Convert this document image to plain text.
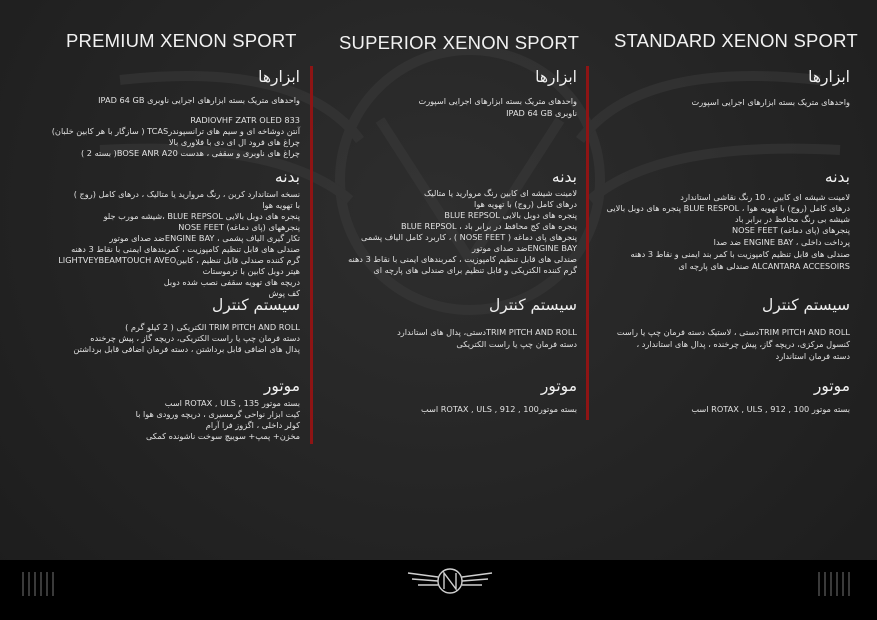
PREMIUM XENON SPORT SUPERIOR XENON SPORT STANDARD XENON SPORT
ابزارها
واحدهای متریک بسته ابزارهای اجرایی ناوبری IPAD 64 GB
RADIOVHF ZATR OLED 833
آنتن دوشاخه ای و سیم های ترانسپوندرTCAS ( سازگار با هر کابین خلبان)
چراغ های فرود ال ای دی با فلاوری بالا
چراغ های ناوبری و سقفی ، هدست BOSE ANR A20( بسته 2 )
بدنه
نسخه استاندارد کربن ، رنگ مرواريد يا متاليک ، درهای کامل (روج )
با تهويه هوا
پنجره های دوبل بالايی BLUE REPSOL ،شیشه مورب جلو
پنجرههای (پای دماغه) NOSE FEET
تکار گیری الیاف پشمی ، ENGINE BAYضد صدای موتور
صندلی های قابل تنظیم کامپوزیت ، کمربندهای ایمنی با نقاط 3 دهنه
گرم کننده صندلی قابل تنظیم ، کابینLIGHTVEYBEAMTOUCH AVEO
هیتر دوبل کابین با ترموستات
دریچه های تهويه سقفی نصب شده دوبل
کف پوش
سیستم کنترل
TRIM PITCH AND ROLL الکتریکی ( 2 کیلو گرم )
دسته فرمان چپ یا راست الکتریکی، دریچه گاز ، پیش چرخنده
پدال های اضافی قابل برداشتن ، دسته فرمان اضافی قابل برداشتن
موتور
بسته موتور ROTAX , ULS , 135 اسب
کیت ابزار نواحی گرمسیری ، دریچه ورودی هوا با
کولر داخلی ، اگزوز فرا آرام
مخزن+ پمپ+ سوییچ سوخت ناشونده کمکی
ابزارها
واحدهای متریک بسته ابزارهای اجرایی اسپورت
ناوبری IPAD 64 GB
بدنه
لامینت شیشه ای کابین رنگ مرواريد يا متاليک
درهای کامل (روج) با تهويه هوا
پنجره های دوبل بالايی BLUE REPSOL
پنجره های کج محافظ در برابر باد ، BLUE REPSOL
پنجرهای پای دماغه ( NOSE FEET ) ، کاربرد کامل الیاف پشمی
ENGINE BAYضد صدای موتور
صندلی های قابل تنظیم کامپوزیت ، کمربندهای ایمنی با نقاط 3 دهنه
گرم کننده الکتریکی و قابل تنظیم برای صندلی های پارچه ای
سیستم کنترل
TRIM PITCH AND ROLLدستی، پدال های استاندارد
دسته فرمان چپ یا راست الکتریکی
موتور
بسته موتورROTAX , ULS , 912 , 100 اسب
ابزارها
واحدهای متریک بسته ابزارهای اجرایی اسپورت
بدنه
لامینت شیشه ای کابین ، 10 رنگ نقاشی استاندارد
درهای کامل (روج) با تهويه هوا ، BLUE RESPOL پنجره های دوبل بالايی
شیشه بی رنگ محافظ در برابر باد
پنجرهای (پای دماغه) NOSE FEET
پرداخت داخلی ، ENGINE BAY ضد صدا
صندلی های قابل تنظیم کامپوزیت با کمر بند ایمنی و نقاط 3 دهنه
ALCANTARA ACCESOIRS صندلی های پارچه ای
سیستم کنترل
TRIM PITCH AND ROLLدستی ، لاستیک دسته فرمان چپ یا راست
کنسول مرکزی، دریچه گاز، پیش چرخنده ، پدال های استاندارد ،
دسته فرمان استاندارد
موتور
بسته موتور ROTAX , ULS , 912 , 100 اسب
